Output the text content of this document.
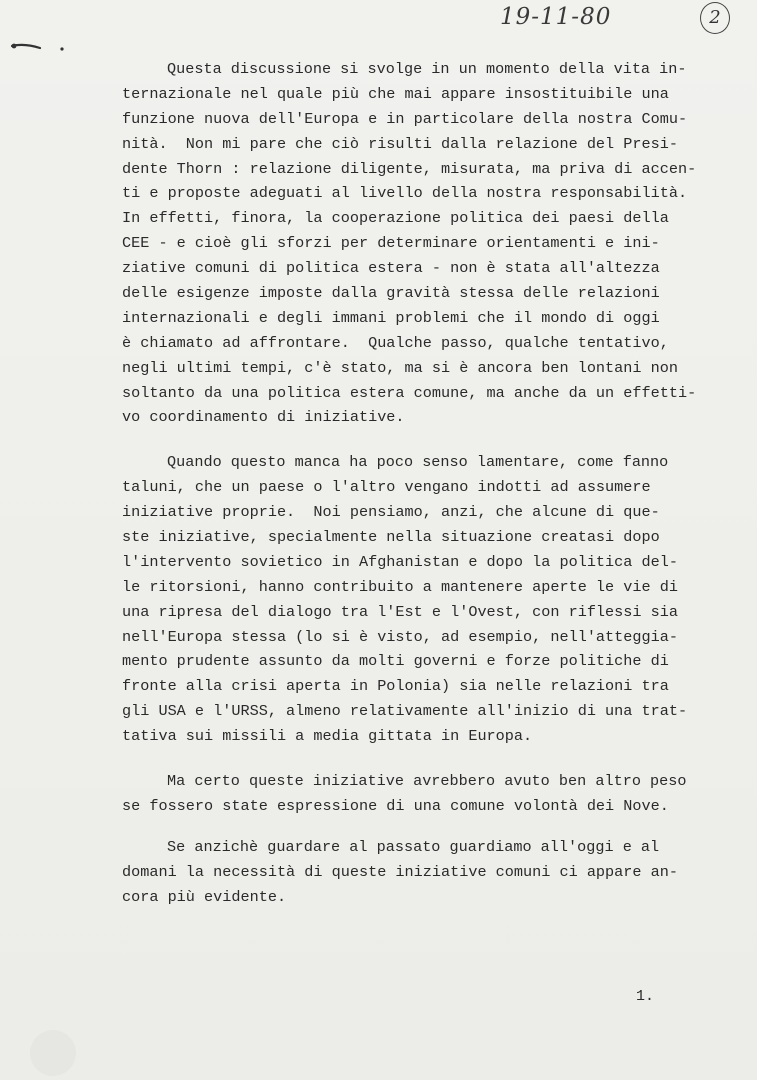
19-11-80	2
Questa discussione si svolge in un momento della vita in-
ternazionale nel quale più che mai appare insostituibile una
funzione nuova dell'Europa e in particolare della nostra Comu-
nità.  Non mi pare che ciò risulti dalla relazione del Presi-
dente Thorn : relazione diligente, misurata, ma priva di accen-
ti e proposte adeguati al livello della nostra responsabilità.
In effetti, finora, la cooperazione politica dei paesi della
CEE - e cioè gli sforzi per determinare orientamenti e ini-
ziative comuni di politica estera - non è stata all'altezza
delle esigenze imposte dalla gravità stessa delle relazioni
internazionali e degli immani problemi che il mondo di oggi
è chiamato ad affrontare.  Qualche passo, qualche tentativo,
negli ultimi tempi, c'è stato, ma si è ancora ben lontani non
soltanto da una politica estera comune, ma anche da un effetti-
vo coordinamento di iniziative.
Quando questo manca ha poco senso lamentare, come fanno
taluni, che un paese o l'altro vengano indotti ad assumere
iniziative proprie.  Noi pensiamo, anzi, che alcune di que-
ste iniziative, specialmente nella situazione creatasi dopo
l'intervento sovietico in Afghanistan e dopo la politica del-
le ritorsioni, hanno contribuito a mantenere aperte le vie di
una ripresa del dialogo tra l'Est e l'Ovest, con riflessi sia
nell'Europa stessa (lo si è visto, ad esempio, nell'atteggia-
mento prudente assunto da molti governi e forze politiche di
fronte alla crisi aperta in Polonia) sia nelle relazioni tra
gli USA e l'URSS, almeno relativamente all'inizio di una trat-
tativa sui missili a media gittata in Europa.
Ma certo queste iniziative avrebbero avuto ben altro peso
se fossero state espressione di una comune volontà dei Nove.
Se anzichè guardare al passato guardiamo all'oggi e al
domani la necessità di queste iniziative comuni ci appare an-
cora più evidente.
1.
